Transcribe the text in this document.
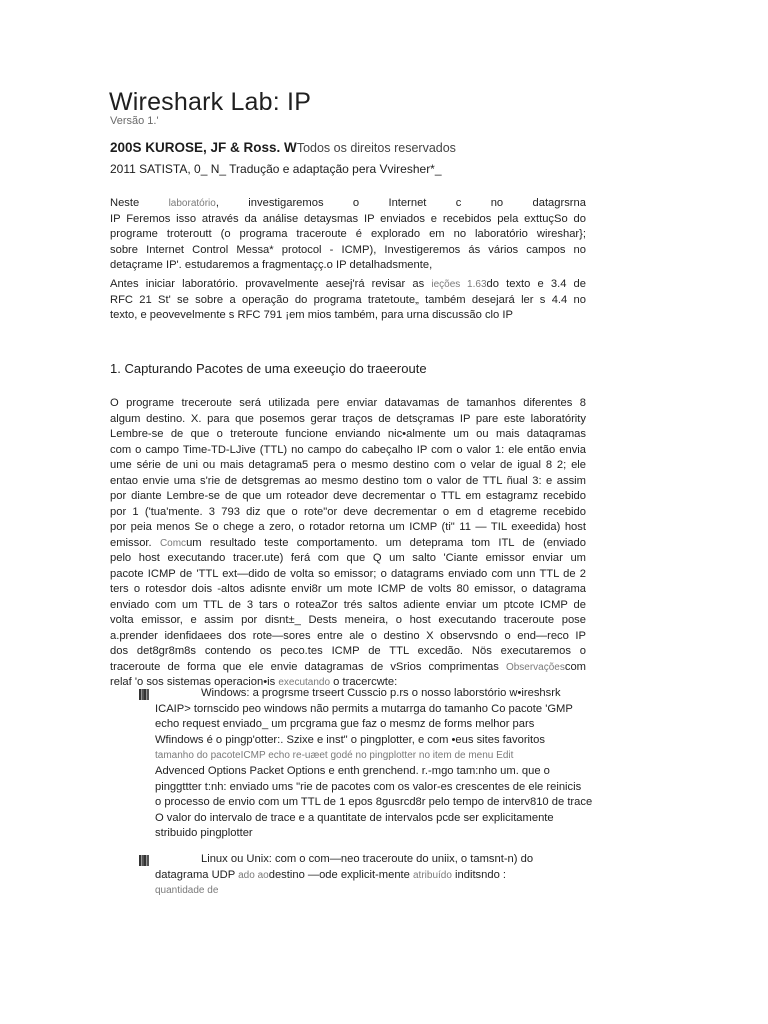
Wireshark Lab: IP
Versão 1.'
200S KUROSE, JF & Ross. WTodos os direitos reservados
2011 SATISTA, 0_ N_ Tradução e adaptação pera Vviresher*_
Neste laboratório, investigaremos o Internet c no datagrsrna
IP Feremos isso através da análise detaysmas IP enviados e recebidos pela exttuçSo do
programe troteroutt (o programa traceroute é explorado em no laboratório wireshar};
sobre Internet Control Messa* protocol - ICMP), Investigeremos ás vários campos no
detaçrame IP'. estudaremos a fragmentaçç.o IP detalhadsmente,
Antes iniciar laboratório. provavelmente aesej'rá revisar as ieções 1.63do texto e 3.4 de
RFC 21 St' se sobre a operação do programa tratetoute„ também desejará ler s 4.4 no
texto, e peovevelmente s RFC 791 ¡em mios também, para urna discussão clo IP
1. Capturando Pacotes de uma exeeuçio do traeeroute
O programe treceroute será utilizada pere enviar datavamas de tamanhos diferentes 8
algum destino. X. para que posemos gerar traços de detsçramas IP pare este laboratórity
Lembre-se de que o treteroute funcione enviando nic•almente um ou mais dataqramas
com o campo Time-TD-LJive (TTL) no campo do cabeçalho IP com o valor 1: ele então envia
ume série de uni ou mais detagrama5 pera o mesmo destino com o velar de igual 8 2; ele
entao envie uma s'rie de detsgremas ao mesmo destino tom o valor de TTL ñual 3: e assim
por diante Lembre-se de que um roteador deve decrementar o TTL em estagramz recebido
por 1 ('tua'mente. 3 793 diz que o rote"or deve decrementar o em d etagreme recebido
por peia menos Se o chege a zero, o rotador retorna um ICMP (ti" 11 — TIL exeedida) host
emissor. Comcum resultado teste comportamento. um deteprama tom ITL de (enviado
pelo host executando tracer.ute) ferá com que Q um salto 'Ciante emissor enviar um
pacote ICMP de 'TTL ext—dido de volta so emissor; o datagrams enviado com unn TTL de 2
ters o rotesdor dois -altos adisnte envi8r um mote ICMP de volts 80 emissor, o datagrama
enviado com um TTL de 3 tars o roteaZor trés saltos adiente enviar um ptcote ICMP de
volta emissor, e assim por disnt±_ Dests meneira, o host executando traceroute pose
a.prender idenfidaees dos rote—sores entre ale o destino X observsndo o end—reco IP
dos det8gr8m8s contendo os peco.tes ICMP de TTL excedão. Nös executaremos o
traceroute de forma que ele envie datagramas de vSrios comprimentas Observaçõescom
relaf 'o sos sistemas operacion•is executando o tracercwte:
Windows: a progrsme trseert Cusscio p.rs o nosso laborstório w•ireshsrk
ICAIP> tornscido peo windows não permits a mutarrga do tamanho Co pacote 'GMP
echo request enviado_ um prcgrama gue faz o mesmz de forms melhor pars
Wfindows é o pingp'otter:. Szixe e inst" o pingplotter, e com •eus sites favoritos
tamanho do pacoteICMP echo re-uæet godé no pingplotter no item de menu Edit
Advenced Options Packet Options e enth grenchend. r.-mgo tam:nho um. que o
pinggttter t:nh: enviado ums "rie de pacotes com os valor-es crescentes de ele reinicis
o processo de envio com um TTL de 1 epos 8gusrcd8r pelo tempo de interv810 de trace
O valor do intervalo de trace e a quantitate de intervalos pcde ser explicitamente
stribuido pingplotter
Linux ou Unix: com o com—neo traceroute do uniix, o tamsnt-n) do
datagrama UDP ado aodestino —ode explicit-mente atribuído inditsndo :
quantidade de
